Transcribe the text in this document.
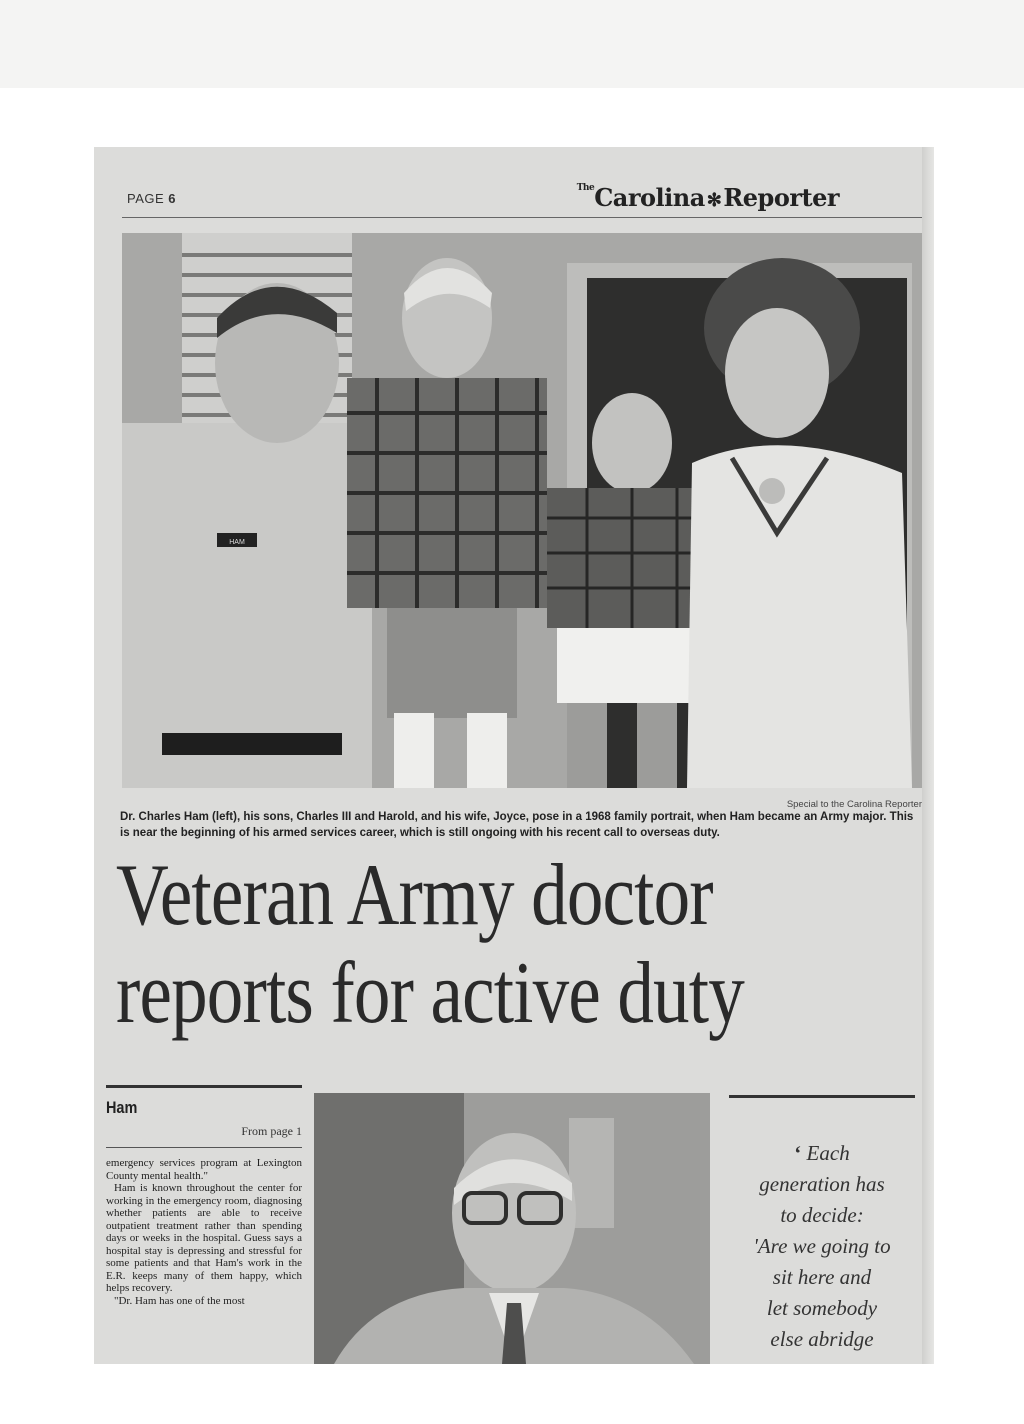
PAGE 6
$^{The}$Carolina ✻Reporter
HAM
Special to the Carolina Reporter
Dr. Charles Ham (left), his sons, Charles III and Harold, and his wife, Joyce, pose in a 1968 family portrait, when Ham became an Army major. This is near the beginning of his armed services career, which is still ongoing with his recent call to overseas duty.
Veteran Army doctor
reports for active duty
Ham
From page 1

emergency services program at Lexington County mental health."

Ham is known throughout the center for working in the emergency room, diagnosing whether patients are able to receive outpatient treatment rather than spending days or weeks in the hospital. Guess says a hospital stay is depressing and stressful for some patients and that Ham's work in the E.R. keeps many of them happy, which helps recovery.

"Dr. Ham has one of the most

‘ Each
generation has
to decide:
'Are we going to
sit here and
let somebody
else abridge
